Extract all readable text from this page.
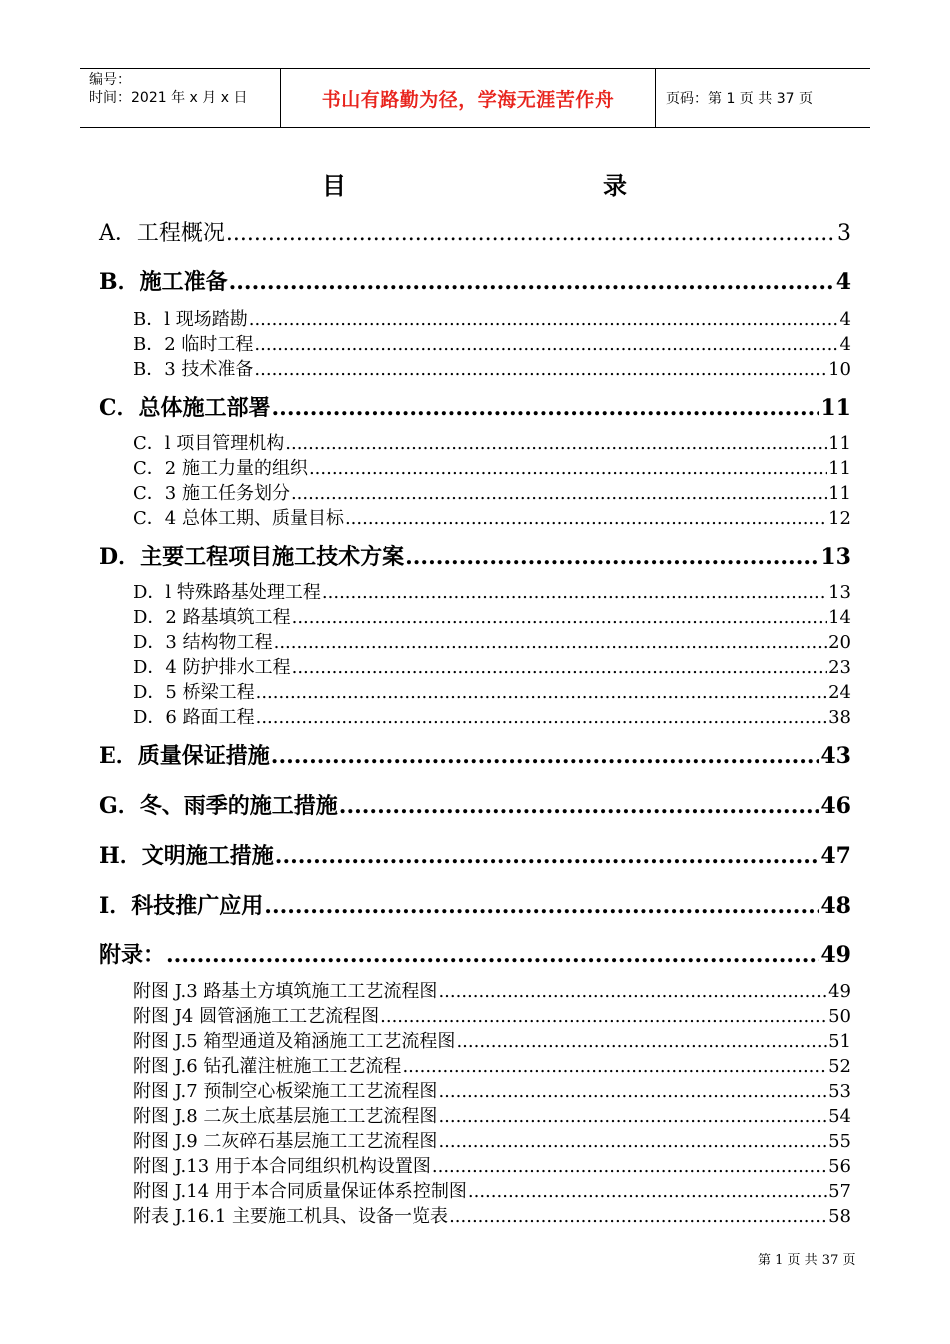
编号：
时间：2021 年 x 月 x 日	书山有路勤为径，学海无涯苦作舟	页码：第 1 页 共 37 页
目	录
A．工程概况 .....	3
B．施工准备 .....	4
B．l 现场踏勘 .....	4
B．2 临时工程 .....	4
B．3 技术准备 .....	10
C．总体施工部署 .....	11
C．l 项目管理机构 .....	11
C．2 施工力量的组织 .....	11
C．3 施工任务划分 .....	11
C．4 总体工期、质量目标 .....	12
D．主要工程项目施工技术方案 .....	13
D．l 特殊路基处理工程 .....	13
D．2 路基填筑工程 .....	14
D．3 结构物工程 .....	20
D．4 防护排水工程 .....	23
D．5 桥梁工程 .....	24
D．6 路面工程 .....	38
E．质量保证措施 .....	43
G．冬、雨季的施工措施 .....	46
H．文明施工措施 .....	47
I．科技推广应用 .....	48
附录： .....	49
附图 J.3 路基土方填筑施工工艺流程图 .....	49
附图 J4 圆管涵施工工艺流程图 .....	50
附图 J.5 箱型通道及箱涵施工工艺流程图 .....	51
附图 J.6 钻孔灌注桩施工工艺流程 .....	52
附图 J.7 预制空心板梁施工工艺流程图 .....	53
附图 J.8 二灰土底基层施工工艺流程图 .....	54
附图 J.9 二灰碎石基层施工工艺流程图 .....	55
附图 J.13 用于本合同组织机构设置图 .....	56
附图 J.14 用于本合同质量保证体系控制图 .....	57
附表 J.16.1 主要施工机具、设备一览表 .....	58
第 1 页 共 37 页
